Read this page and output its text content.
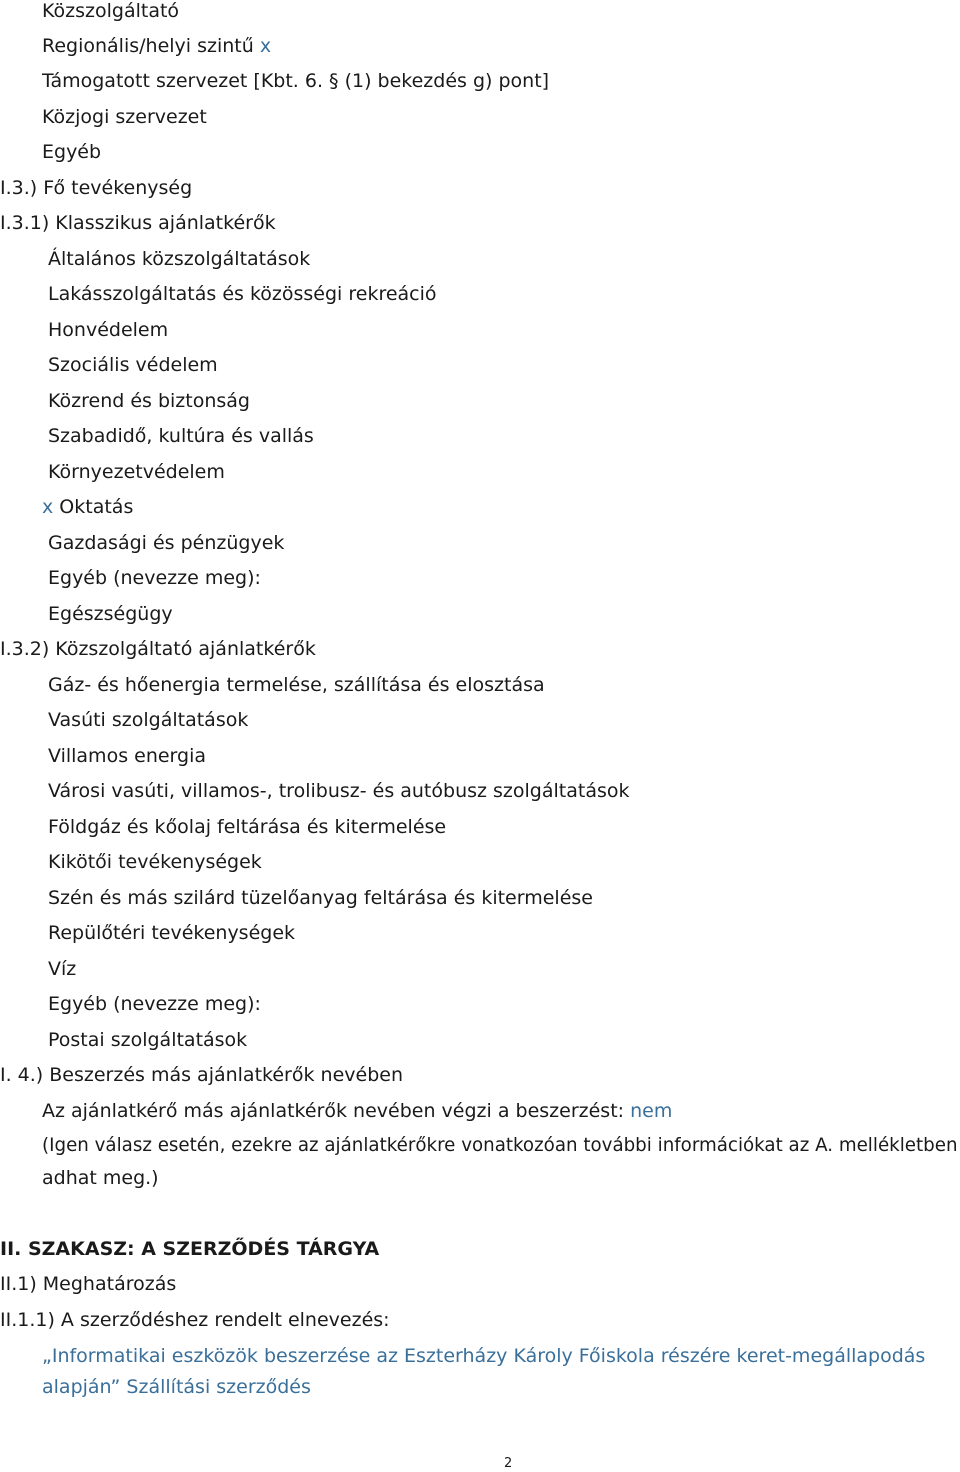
Közszolgáltató
Regionális/helyi szintű x
Támogatott szervezet [Kbt. 6. § (1) bekezdés g) pont]
Közjogi szervezet
Egyéb
I.3.) Fő tevékenység
I.3.1) Klasszikus ajánlatkérők
Általános közszolgáltatások
Lakásszolgáltatás és közösségi rekreáció
Honvédelem
Szociális védelem
Közrend és biztonság
Szabadidő, kultúra és vallás
Környezetvédelem
x Oktatás
Gazdasági és pénzügyek
Egyéb (nevezze meg):
Egészségügy
I.3.2) Közszolgáltató ajánlatkérők
Gáz- és hőenergia termelése, szállítása és elosztása
Vasúti szolgáltatások
Villamos energia
Városi vasúti, villamos-, trolibusz- és autóbusz szolgáltatások
Földgáz és kőolaj feltárása és kitermelése
Kikötői tevékenységek
Szén és más szilárd tüzelőanyag feltárása és kitermelése
Repülőtéri tevékenységek
Víz
Egyéb (nevezze meg):
Postai szolgáltatások
I. 4.) Beszerzés más ajánlatkérők nevében
Az ajánlatkérő más ajánlatkérők nevében végzi a beszerzést: nem
(Igen válasz esetén, ezekre az ajánlatkérőkre vonatkozóan további információkat az A. mellékletben
adhat meg.)
II. SZAKASZ: A SZERZŐDÉS TÁRGYA
II.1) Meghatározás
II.1.1) A szerződéshez rendelt elnevezés:
„Informatikai eszközök beszerzése az Eszterházy Károly Főiskola részére keret-megállapodás
alapján” Szállítási szerződés
2
